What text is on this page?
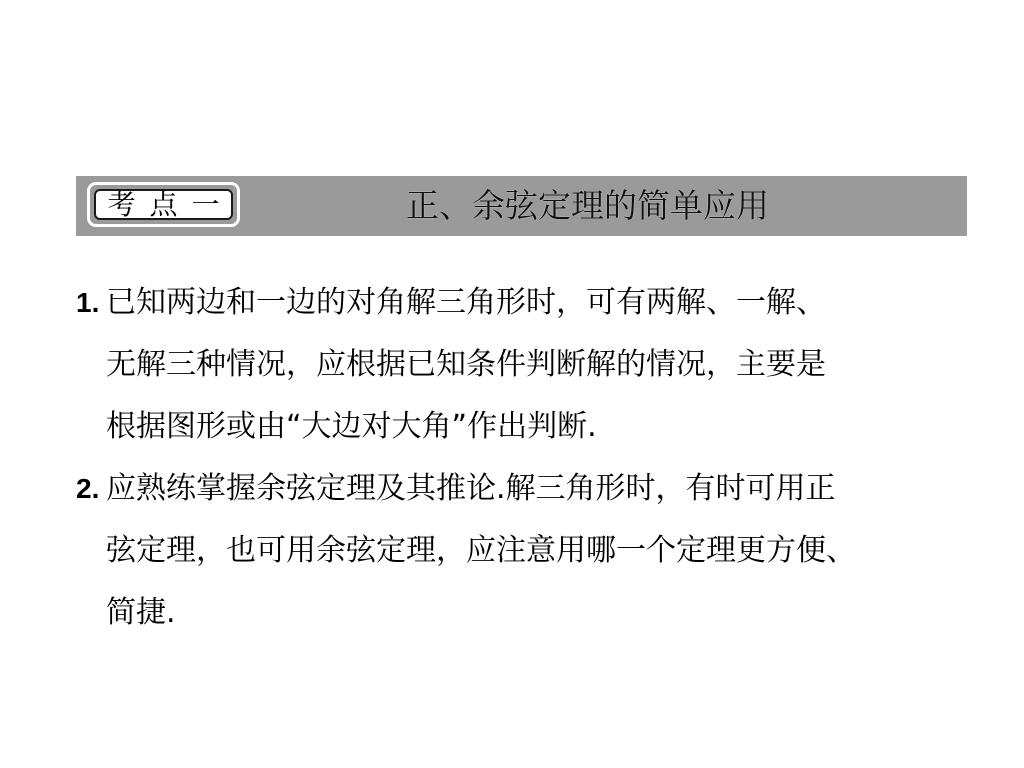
考点一	正、余弦定理的简单应用
1. 已知两边和一边的对角解三角形时，可有两解、一解、
无解三种情况，应根据已知条件判断解的情况，主要是
根据图形或由“大边对大角”作出判断.
2. 应熟练掌握余弦定理及其推论.解三角形时，有时可用正
弦定理，也可用余弦定理，应注意用哪一个定理更方便、
简捷.
